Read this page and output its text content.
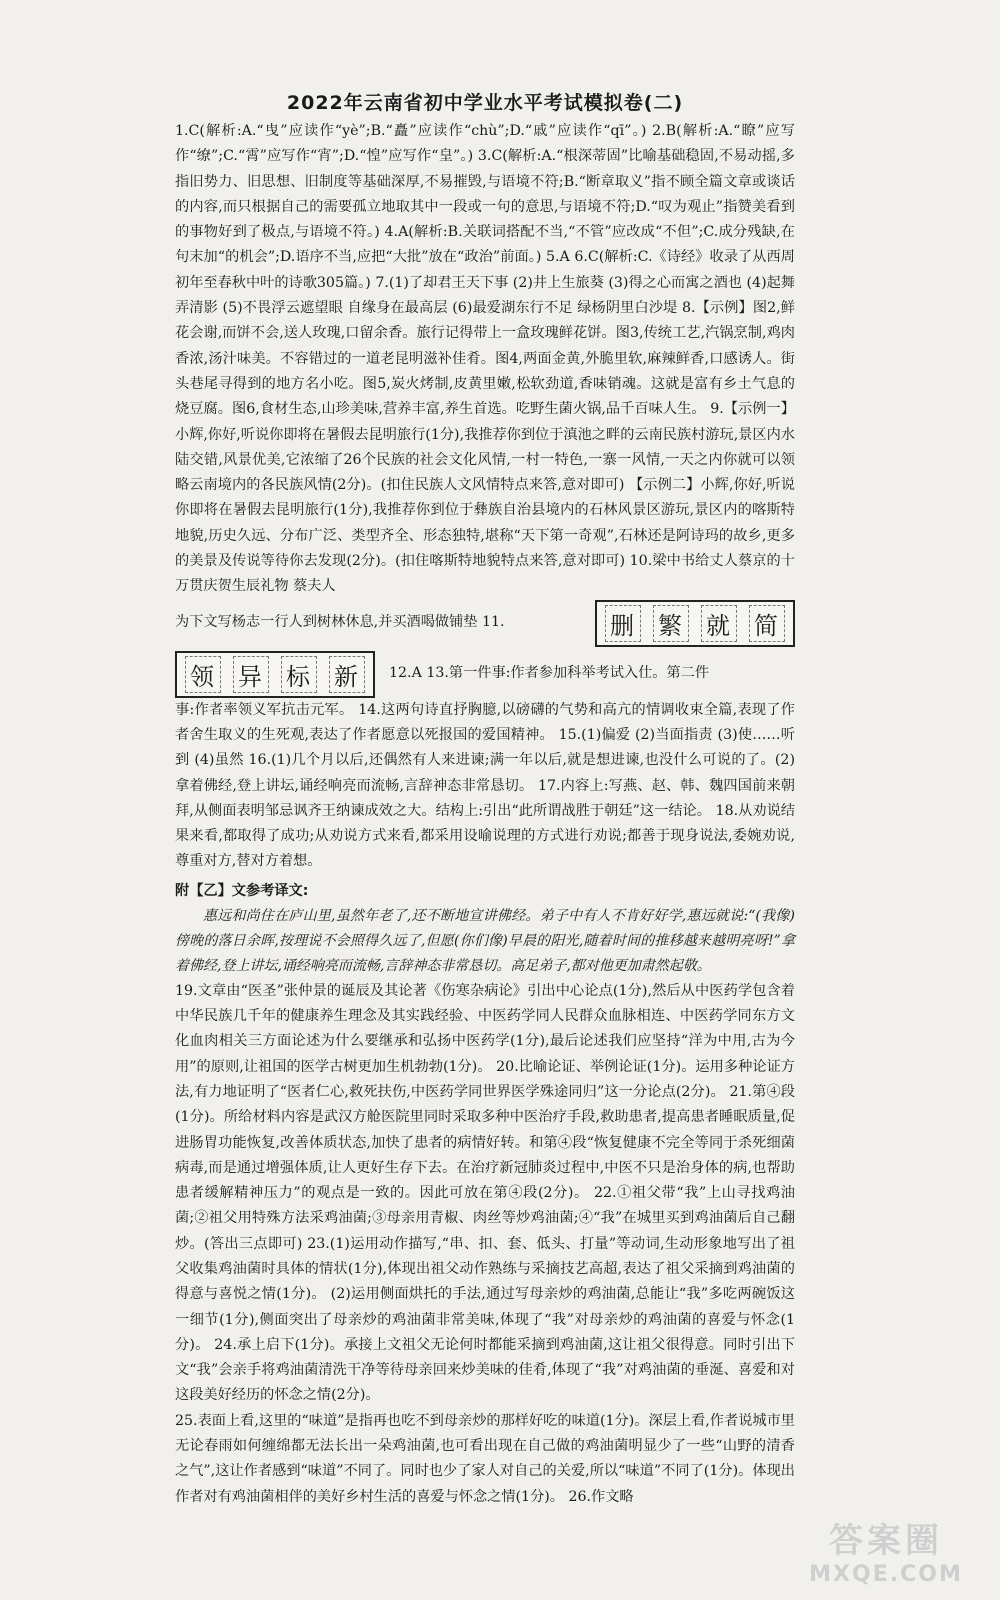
2022年云南省初中学业水平考试模拟卷(二)

1.C(解析:A.“曳”应读作“yè”;B.“矗”应读作“chù”;D.“戚”应读作“qī”。) 2.B(解析:A.“瞭”应写作“缭”;C.“霄”应写作“宵”;D.“惶”应写作“皇”。) 3.C(解析:A.“根深蒂固”比喻基础稳固,不易动摇,多指旧势力、旧思想、旧制度等基础深厚,不易摧毁,与语境不符;B.“断章取义”指不顾全篇文章或谈话的内容,而只根据自己的需要孤立地取其中一段或一句的意思,与语境不符;D.“叹为观止”指赞美看到的事物好到了极点,与语境不符。) 4.A(解析:B.关联词搭配不当,“不管”应改成“不但”;C.成分残缺,在句末加“的机会”;D.语序不当,应把“大批”放在“政治”前面。) 5.A 6.C(解析:C.《诗经》收录了从西周初年至春秋中叶的诗歌305篇。) 7.(1)了却君王天下事 (2)井上生旅葵 (3)得之心而寓之酒也 (4)起舞弄清影 (5)不畏浮云遮望眼 自缘身在最高层 (6)最爱湖东行不足 绿杨阴里白沙堤 8.【示例】图2,鲜花会谢,而饼不会,送人玫瑰,口留余香。旅行记得带上一盒玫瑰鲜花饼。图3,传统工艺,汽锅烹制,鸡肉香浓,汤汁味美。不容错过的一道老昆明滋补佳肴。图4,两面金黄,外脆里软,麻辣鲜香,口感诱人。街头巷尾寻得到的地方名小吃。图5,炭火烤制,皮黄里嫩,松软劲道,香味销魂。这就是富有乡土气息的烧豆腐。图6,食材生态,山珍美味,营养丰富,养生首选。吃野生菌火锅,品千百味人生。 9.【示例一】小辉,你好,听说你即将在暑假去昆明旅行(1分),我推荐你到位于滇池之畔的云南民族村游玩,景区内水陆交错,风景优美,它浓缩了26个民族的社会文化风情,一村一特色,一寨一风情,一天之内你就可以领略云南境内的各民族风情(2分)。(扣住民族人文风情特点来答,意对即可) 【示例二】小辉,你好,听说你即将在暑假去昆明旅行(1分),我推荐你到位于彝族自治县境内的石林风景区游玩,景区内的喀斯特地貌,历史久远、分布广泛、类型齐全、形态独特,堪称“天下第一奇观”,石林还是阿诗玛的故乡,更多的美景及传说等待你去发现(2分)。(扣住喀斯特地貌特点来答,意对即可) 10.梁中书给丈人蔡京的十万贯庆贺生辰礼物 蔡夫人

为下文写杨志一行人到树林休息,并买酒喝做铺垫 11.	删 繁 就 简
领 异 标 新	12.A 13.第一件事:作者参加科举考试入仕。第二件

事:作者率领义军抗击元军。 14.这两句诗直抒胸臆,以磅礴的气势和高亢的情调收束全篇,表现了作者舍生取义的生死观,表达了作者愿意以死报国的爱国精神。 15.(1)偏爱 (2)当面指责 (3)使……听到 (4)虽然 16.(1)几个月以后,还偶然有人来进谏;满一年以后,就是想进谏,也没什么可说的了。(2)拿着佛经,登上讲坛,诵经响亮而流畅,言辞神态非常恳切。 17.内容上:写燕、赵、韩、魏四国前来朝拜,从侧面表明邹忌讽齐王纳谏成效之大。结构上:引出“此所谓战胜于朝廷”这一结论。 18.从劝说结果来看,都取得了成功;从劝说方式来看,都采用设喻说理的方式进行劝说;都善于现身说法,委婉劝说,尊重对方,替对方着想。

附【乙】文参考译文:

惠远和尚住在庐山里,虽然年老了,还不断地宣讲佛经。弟子中有人不肯好好学,惠远就说:“(我像)傍晚的落日余晖,按理说不会照得久远了,但愿(你们像)早晨的阳光,随着时间的推移越来越明亮呀!”拿着佛经,登上讲坛,诵经响亮而流畅,言辞神态非常恳切。高足弟子,都对他更加肃然起敬。

19.文章由“医圣”张仲景的诞辰及其论著《伤寒杂病论》引出中心论点(1分),然后从中医药学包含着中华民族几千年的健康养生理念及其实践经验、中医药学同人民群众血脉相连、中医药学同东方文化血肉相关三方面论述为什么要继承和弘扬中医药学(1分),最后论述我们应坚持“洋为中用,古为今用”的原则,让祖国的医学古树更加生机勃勃(1分)。 20.比喻论证、举例论证(1分)。运用多种论证方法,有力地证明了“医者仁心,救死扶伤,中医药学同世界医学殊途同归”这一分论点(2分)。 21.第④段(1分)。所给材料内容是武汉方舱医院里同时采取多种中医治疗手段,救助患者,提高患者睡眠质量,促进肠胃功能恢复,改善体质状态,加快了患者的病情好转。和第④段“恢复健康不完全等同于杀死细菌病毒,而是通过增强体质,让人更好生存下去。在治疗新冠肺炎过程中,中医不只是治身体的病,也帮助患者缓解精神压力”的观点是一致的。因此可放在第④段(2分)。 22.①祖父带“我”上山寻找鸡油菌;②祖父用特殊方法采鸡油菌;③母亲用青椒、肉丝等炒鸡油菌;④“我”在城里买到鸡油菌后自己翻炒。(答出三点即可) 23.(1)运用动作描写,“串、扣、套、低头、打量”等动词,生动形象地写出了祖父收集鸡油菌时具体的情状(1分),体现出祖父动作熟练与采摘技艺高超,表达了祖父采摘到鸡油菌的得意与喜悦之情(1分)。 (2)运用侧面烘托的手法,通过写母亲炒的鸡油菌,总能让“我”多吃两碗饭这一细节(1分),侧面突出了母亲炒的鸡油菌非常美味,体现了“我”对母亲炒的鸡油菌的喜爱与怀念(1分)。 24.承上启下(1分)。承接上文祖父无论何时都能采摘到鸡油菌,这让祖父很得意。同时引出下文“我”会亲手将鸡油菌清洗干净等待母亲回来炒美味的佳肴,体现了“我”对鸡油菌的垂涎、喜爱和对这段美好经历的怀念之情(2分)。

25.表面上看,这里的“味道”是指再也吃不到母亲炒的那样好吃的味道(1分)。深层上看,作者说城市里无论春雨如何缠绵都无法长出一朵鸡油菌,也可看出现在自己做的鸡油菌明显少了一些“山野的清香之气”,这让作者感到“味道”不同了。同时也少了家人对自己的关爱,所以“味道”不同了(1分)。体现出作者对有鸡油菌相伴的美好乡村生活的喜爱与怀念之情(1分)。 26.作文略

答案圈
MXQE.COM
